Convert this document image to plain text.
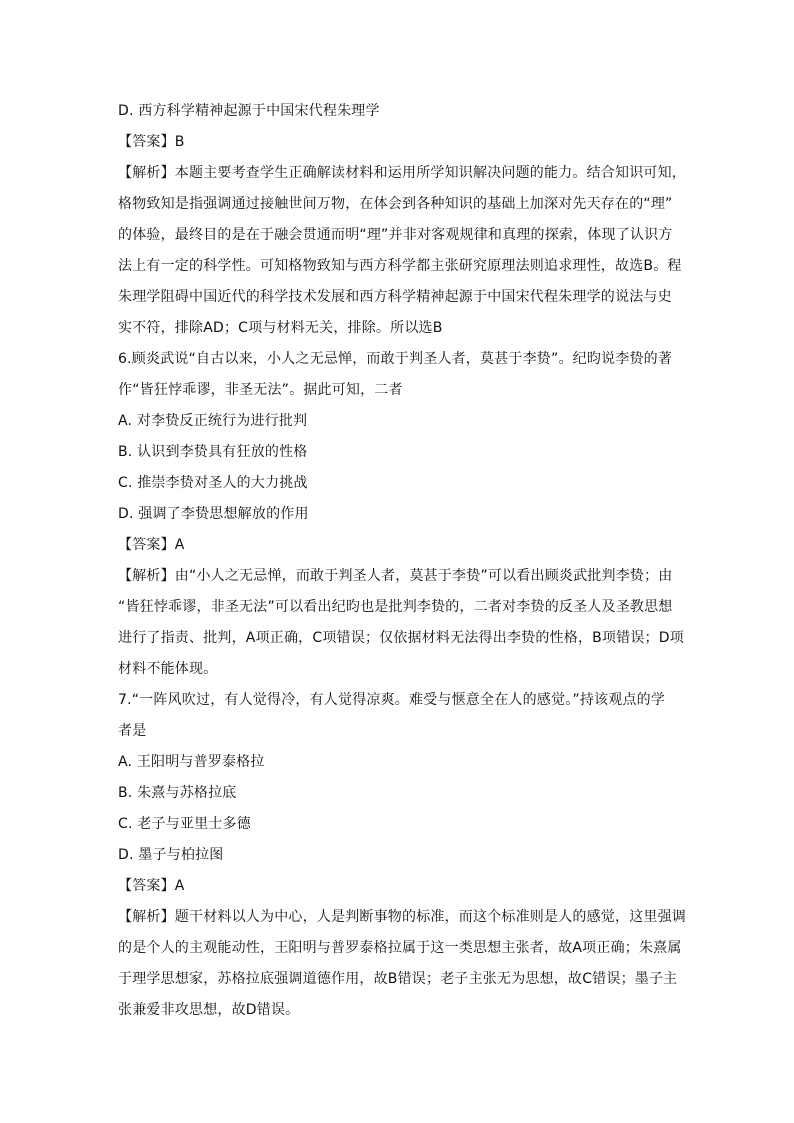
D. 西方科学精神起源于中国宋代程朱理学

【答案】B

【解析】本题主要考查学生正确解读材料和运用所学知识解决问题的能力。结合知识可知，

格物致知是指强调通过接触世间万物，在体会到各种知识的基础上加深对先天存在的“理”

的体验，最终目的是在于融会贯通而明“理”并非对客观规律和真理的探索，体现了认识方

法上有一定的科学性。可知格物致知与西方科学都主张研究原理法则追求理性，故选B。程

朱理学阻碍中国近代的科学技术发展和西方科学精神起源于中国宋代程朱理学的说法与史

实不符，排除AD；C项与材料无关，排除。所以选B

6.顾炎武说“自古以来，小人之无忌惮，而敢于判圣人者，莫甚于李贽”。纪昀说李贽的著

作“皆狂悖乖谬，非圣无法”。据此可知，二者

A. 对李贽反正统行为进行批判

B. 认识到李贽具有狂放的性格

C. 推崇李贽对圣人的大力挑战

D. 强调了李贽思想解放的作用

【答案】A

【解析】由“小人之无忌惮，而敢于判圣人者，莫甚于李贽”可以看出顾炎武批判李贽；由

“皆狂悖乖谬，非圣无法”可以看出纪昀也是批判李贽的，二者对李贽的反圣人及圣教思想

进行了指责、批判，A项正确，C项错误；仅依据材料无法得出李贽的性格，B项错误；D项

材料不能体现。

7.“一阵风吹过，有人觉得冷，有人觉得凉爽。难受与惬意全在人的感觉。”持该观点的学

者是

A. 王阳明与普罗泰格拉

B. 朱熹与苏格拉底

C. 老子与亚里士多德

D. 墨子与柏拉图

【答案】A

【解析】题干材料以人为中心，人是判断事物的标准，而这个标准则是人的感觉，这里强调

的是个人的主观能动性，王阳明与普罗泰格拉属于这一类思想主张者，故A项正确；朱熹属

于理学思想家，苏格拉底强调道德作用，故B错误；老子主张无为思想，故C错误；墨子主

张兼爱非攻思想，故D错误。
